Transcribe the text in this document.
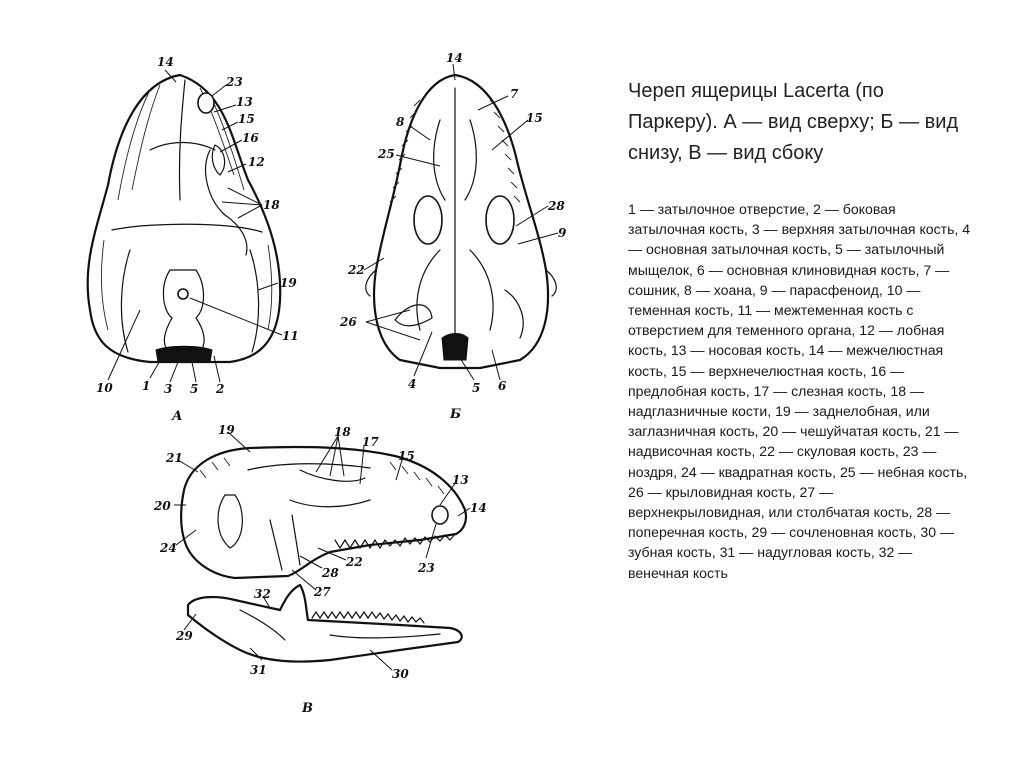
Череп ящерицы Lacerta (по Паркеру). А — вид сверху; Б — вид снизу, В — вид сбоку

1 — затылочное отверстие, 2 — боковая затылочная кость, 3 — верхняя затылочная кость, 4 — основная затылочная кость, 5 — затылочный мыщелок, 6 — основная клиновидная кость, 7 — сошник, 8 — хоана, 9 — парасфеноид, 10 — теменная кость, 11 — межтеменная кость с отверстием для теменного органа, 12 — лобная кость, 13 — носовая кость, 14 — межчелюстная кость, 15 — верхнечелюстная кость, 16 — предлобная кость, 17 — слезная кость, 18 — надглазничные кости, 19 — заднелобная, или заглазничная кость, 20 — чешуйчатая кость, 21 — надвисочная кость, 22 — скуловая кость, 23 — ноздря, 24 — квадратная кость, 25 — небная кость, 26 — крыловидная кость, 27 — верхнекрыловидная, или столбчатая кость, 28 — поперечная кость, 29 — сочленовная кость, 30 — зубная кость, 31 — надугловая кость, 32 — венечная кость

14
23
13
15
16
12
18
19
11
10 1 3 5 2
А
14
7
8	15
25
28
9
22
26
4	5 6
Б
19	18
17
21	15
13
20	14
24
22
28	23
27
32
29
31	30
В
